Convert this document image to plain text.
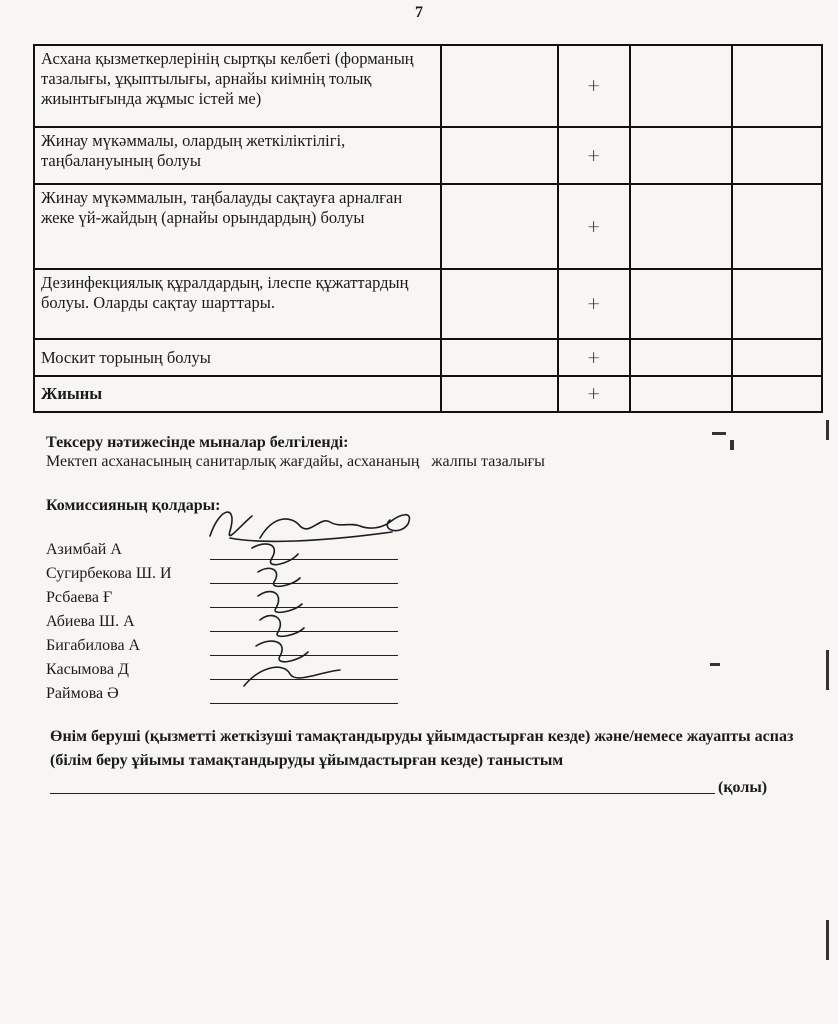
7
Асхана қызметкерлерінің сыртқы келбеті (форманың тазалығы, ұқыптылығы, арнайы киімнің толық жиынтығында жұмыс істей ме)		+		
Жинау мүкәммалы, олардың жеткіліктілігі, таңбалануының болуы		+		
Жинау мүкәммалын, таңбалауды сақтауға арналған жеке үй-жайдың (арнайы орындардың) болуы		+		
Дезинфекциялық құралдардың, ілеспе құжаттардың болуы. Оларды сақтау шарттары.		+		
Москит торының болуы		+		
Жиыны		+		
Тексеру нәтижесінде мыналар белгіленді:
Мектеп асханасының санитарлық жағдайы, асхананың   жалпы тазалығы
Комиссияның қолдары:
Азимбай А
Сугирбекова Ш. И
Рсбаева Ғ
Абиева Ш. А
Бигабилова А
Касымова Д
Раймова Ә
Өнім беруші (қызметті жеткізуші тамақтандыруды ұйымдастырған кезде) және/немесе жауапты аспаз (білім беру ұйымы тамақтандыруды ұйымдастырған кезде) таныстым
(қолы)
